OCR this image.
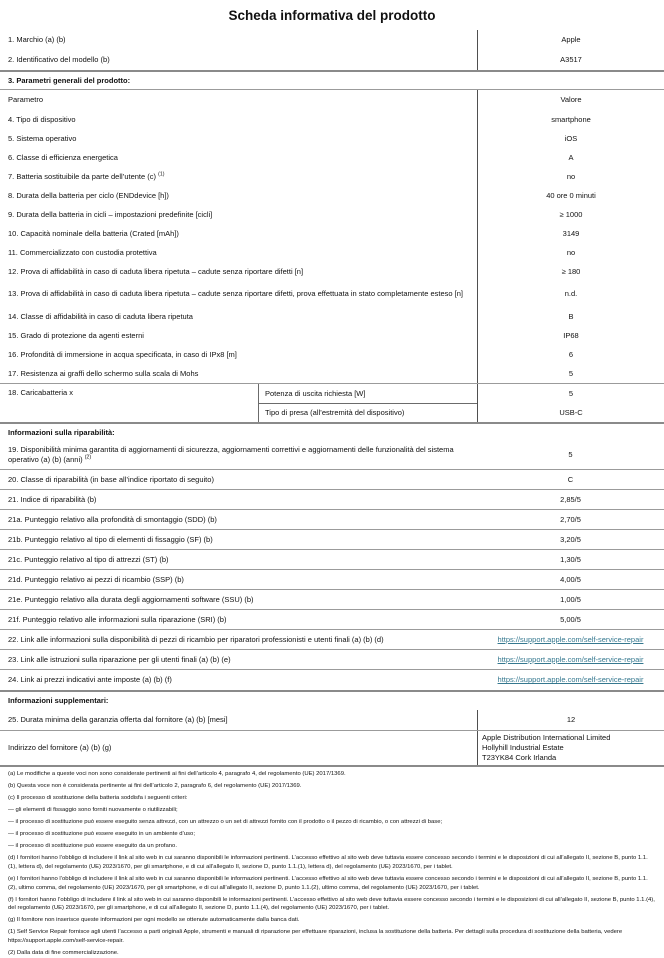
Scheda informativa del prodotto
1. Marchio (a) (b)	Apple
2. Identificativo del modello (b)	A3517
3. Parametri generali del prodotto:
Parametro	Valore
4. Tipo di dispositivo	smartphone
5. Sistema operativo	iOS
6. Classe di efficienza energetica	A
7. Batteria sostituibile da parte dell’utente (c) $^{(1)}$	no
8. Durata della batteria per ciclo (ENDdevice [h])	40 ore 0 minuti
9. Durata della batteria in cicli – impostazioni predefinite [cicli]	≥ 1000
10. Capacità nominale della batteria (Crated [mAh])	3149
11. Commercializzato con custodia protettiva	no
12. Prova di affidabilità in caso di caduta libera ripetuta – cadute senza riportare difetti [n]	≥ 180
13. Prova di affidabilità in caso di caduta libera ripetuta – cadute senza riportare difetti, prova effettuata in stato completamente esteso [n]	n.d.
14. Classe di affidabilità in caso di caduta libera ripetuta	B
15. Grado di protezione da agenti esterni	IP68
16. Profondità di immersione in acqua specificata, in caso di IPx8 [m]	6
17. Resistenza ai graffi dello schermo sulla scala di Mohs	5
18. Caricabatteria x	Potenza di uscita richiesta [W]	5
Tipo di presa (all’estremità del dispositivo)	USB-C
Informazioni sulla riparabilità:
19. Disponibilità minima garantita di aggiornamenti di sicurezza, aggiornamenti correttivi e aggiornamenti delle funzionalità del sistema operativo (a) (b) (anni) $^{(2)}$	5
20. Classe di riparabilità (in base all’indice riportato di seguito)	C
21. Indice di riparabilità (b)	2,85/5
21a. Punteggio relativo alla profondità di smontaggio (SDD) (b)	2,70/5
21b. Punteggio relativo al tipo di elementi di fissaggio (SF) (b)	3,20/5
21c. Punteggio relativo al tipo di attrezzi (ST) (b)	1,30/5
21d. Punteggio relativo ai pezzi di ricambio (SSP) (b)	4,00/5
21e. Punteggio relativo alla durata degli aggiornamenti software (SSU) (b)	1,00/5
21f. Punteggio relativo alle informazioni sulla riparazione (SRI) (b)	5,00/5
22. Link alle informazioni sulla disponibilità di pezzi di ricambio per riparatori professionisti e utenti finali (a) (b) (d)	https://support.apple.com/self-service-repair
23. Link alle istruzioni sulla riparazione per gli utenti finali (a) (b) (e)	https://support.apple.com/self-service-repair
24. Link ai prezzi indicativi ante imposte (a) (b) (f)	https://support.apple.com/self-service-repair
Informazioni supplementari:
25. Durata minima della garanzia offerta dal fornitore (a) (b) [mesi]	12
Indirizzo del fornitore (a) (b) (g)
Apple Distribution International Limited
Hollyhill Industrial Estate
T23YK84 Cork Irlanda
(a) Le modifiche a queste voci non sono considerate pertinenti ai fini dell’articolo 4, paragrafo 4, del regolamento (UE) 2017/1369.
(b) Questa voce non è considerata pertinente ai fini dell’articolo 2, paragrafo 6, del regolamento (UE) 2017/1369.
(c) Il processo di sostituzione della batteria soddisfa i seguenti criteri:
— gli elementi di fissaggio sono forniti nuovamente o riutilizzabili;
— il processo di sostituzione può essere eseguito senza attrezzi, con un attrezzo o un set di attrezzi fornito con il prodotto o il pezzo di ricambio, o con attrezzi di base;
— il processo di sostituzione può essere eseguito in un ambiente d’uso;
— il processo di sostituzione può essere eseguito da un profano.
(d) I fornitori hanno l’obbligo di includere il link al sito web in cui saranno disponibili le informazioni pertinenti. L’accesso effettivo al sito web deve tuttavia essere concesso secondo i termini e le disposizioni di cui all’allegato II, sezione B, punto 1.1.(1), lettera d), del regolamento (UE) 2023/1670, per gli smartphone, e di cui all’allegato II, sezione D, punto 1.1.(1), lettera d), del regolamento (UE) 2023/1670, per i tablet.
(e) I fornitori hanno l’obbligo di includere il link al sito web in cui saranno disponibili le informazioni pertinenti. L’accesso effettivo al sito web deve tuttavia essere concesso secondo i termini e le disposizioni di cui all’allegato II, sezione B, punto 1.1.(2), ultimo comma, del regolamento (UE) 2023/1670, per gli smartphone, e di cui all’allegato II, sezione D, punto 1.1.(2), ultimo comma, del regolamento (UE) 2023/1670, per i tablet.
(f) I fornitori hanno l’obbligo di includere il link al sito web in cui saranno disponibili le informazioni pertinenti. L’accesso effettivo al sito web deve tuttavia essere concesso secondo i termini e le disposizioni di cui all’allegato II, sezione B, punto 1.1.(4), del regolamento (UE) 2023/1670, per gli smartphone, e di cui all’allegato II, sezione D, punto 1.1.(4), del regolamento (UE) 2023/1670, per i tablet.
(g) Il fornitore non inserisce queste informazioni per ogni modello se ottenute automaticamente dalla banca dati.
(1) Self Service Repair fornisce agli utenti l’accesso a parti originali Apple, strumenti e manuali di riparazione per effettuare riparazioni, inclusa la sostituzione della batteria. Per dettagli sulla procedura di sostituzione della batteria, vedere https://support.apple.com/self-service-repair.
(2) Dalla data di fine commercializzazione.
